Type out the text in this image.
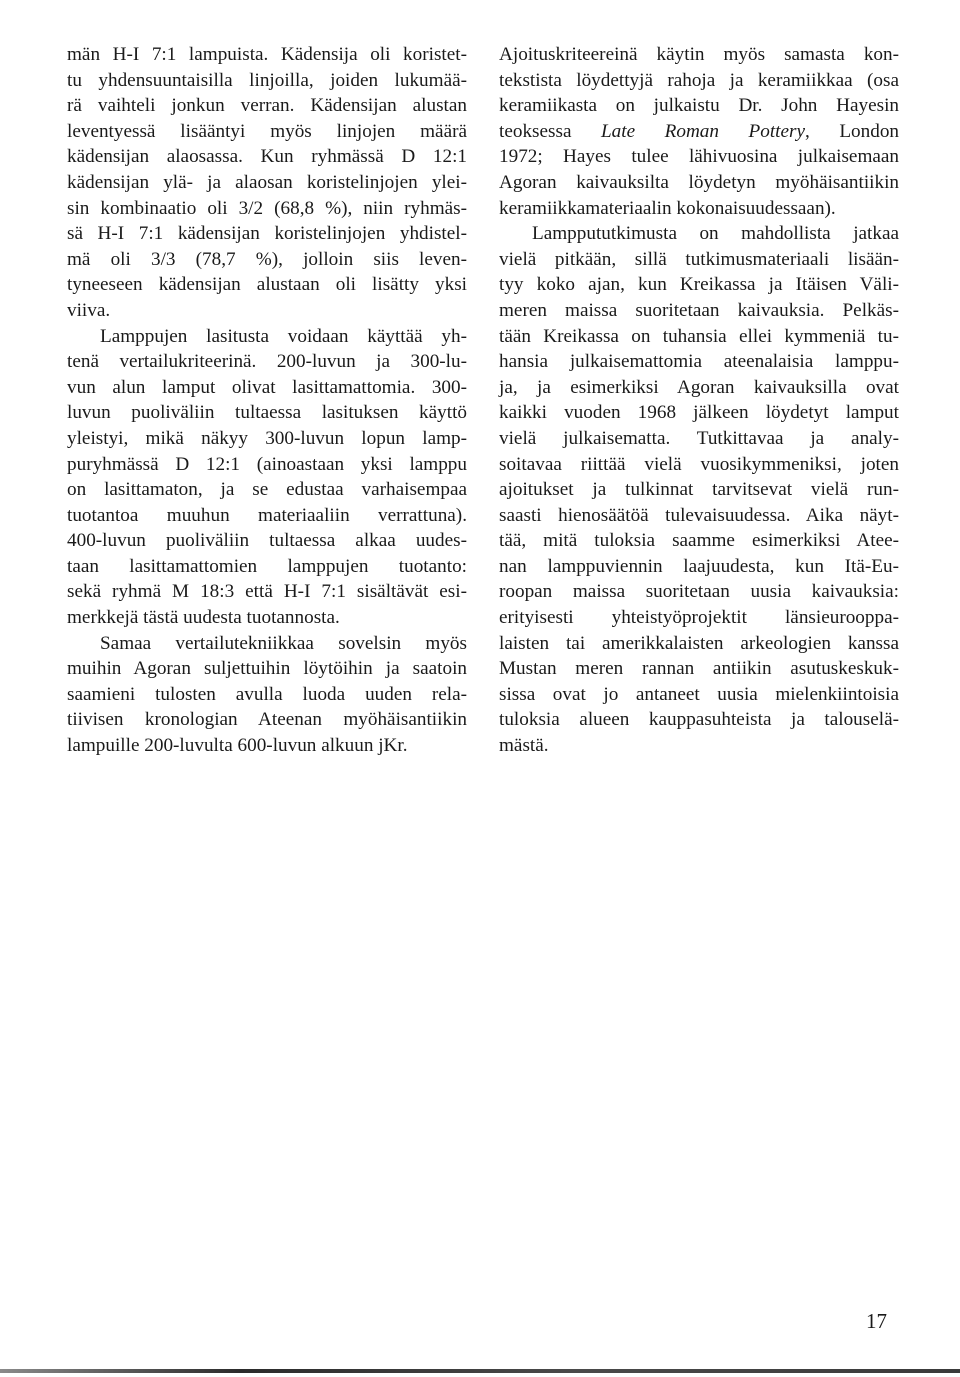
män H-I 7:1 lampuista. Kädensija oli koristet-
tu yhdensuuntaisilla linjoilla, joiden lukumää-
rä vaihteli jonkun verran. Kädensijan alustan
leventyessä lisääntyi myös linjojen määrä
kädensijan alaosassa. Kun ryhmässä D 12:1
kädensijan ylä- ja alaosan koristelinjojen ylei-
sin kombinaatio oli 3/2 (68,8 %), niin ryhmäs-
sä H-I 7:1 kädensijan koristelinjojen yhdistel-
mä oli 3/3 (78,7 %), jolloin siis leven-
tyneeseen kädensijan alustaan oli lisätty yksi
viiva.
Lamppujen lasitusta voidaan käyttää yh-
tenä vertailukriteerinä. 200-luvun ja 300-lu-
vun alun lamput olivat lasittamattomia. 300-
luvun puoliväliin tultaessa lasituksen käyttö
yleistyi, mikä näkyy 300-luvun lopun lamp-
puryhmässä D 12:1 (ainoastaan yksi lamppu
on lasittamaton, ja se edustaa varhaisempaa
tuotantoa muuhun materiaaliin verrattuna).
400-luvun puoliväliin tultaessa alkaa uudes-
taan lasittamattomien lamppujen tuotanto:
sekä ryhmä M 18:3 että H-I 7:1 sisältävät esi-
merkkejä tästä uudesta tuotannosta.
Samaa vertailutekniikkaa sovelsin myös
muihin Agoran suljettuihin löytöihin ja saatoin
saamieni tulosten avulla luoda uuden rela-
tiivisen kronologian Ateenan myöhäisantiikin
lampuille 200-luvulta 600-luvun alkuun jKr.
Ajoituskriteereinä käytin myös samasta kon-
tekstista löydettyjä rahoja ja keramiikkaa (osa
keramiikasta on julkaistu Dr. John Hayesin
teoksessa Late Roman Pottery, London
1972; Hayes tulee lähivuosina julkaisemaan
Agoran kaivauksilta löydetyn myöhäisantiikin
keramiikkamateriaalin kokonaisuudessaan).
Lamppututkimusta on mahdollista jatkaa
vielä pitkään, sillä tutkimusmateriaali lisään-
tyy koko ajan, kun Kreikassa ja Itäisen Väli-
meren maissa suoritetaan kaivauksia. Pelkäs-
tään Kreikassa on tuhansia ellei kymmeniä tu-
hansia julkaisemattomia ateenalaisia lamppu-
ja, ja esimerkiksi Agoran kaivauksilla ovat
kaikki vuoden 1968 jälkeen löydetyt lamput
vielä julkaisematta. Tutkittavaa ja analy-
soitavaa riittää vielä vuosikymmeniksi, joten
ajoitukset ja tulkinnat tarvitsevat vielä run-
saasti hienosäätöä tulevaisuudessa. Aika näyt-
tää, mitä tuloksia saamme esimerkiksi Atee-
nan lamppuviennin laajuudesta, kun Itä-Eu-
roopan maissa suoritetaan uusia kaivauksia:
erityisesti yhteistyöprojektit länsieurooppa-
laisten tai amerikkalaisten arkeologien kanssa
Mustan meren rannan antiikin asutuskeskuk-
sissa ovat jo antaneet uusia mielenkiintoisia
tuloksia alueen kauppasuhteista ja talouselä-
mästä.
17
